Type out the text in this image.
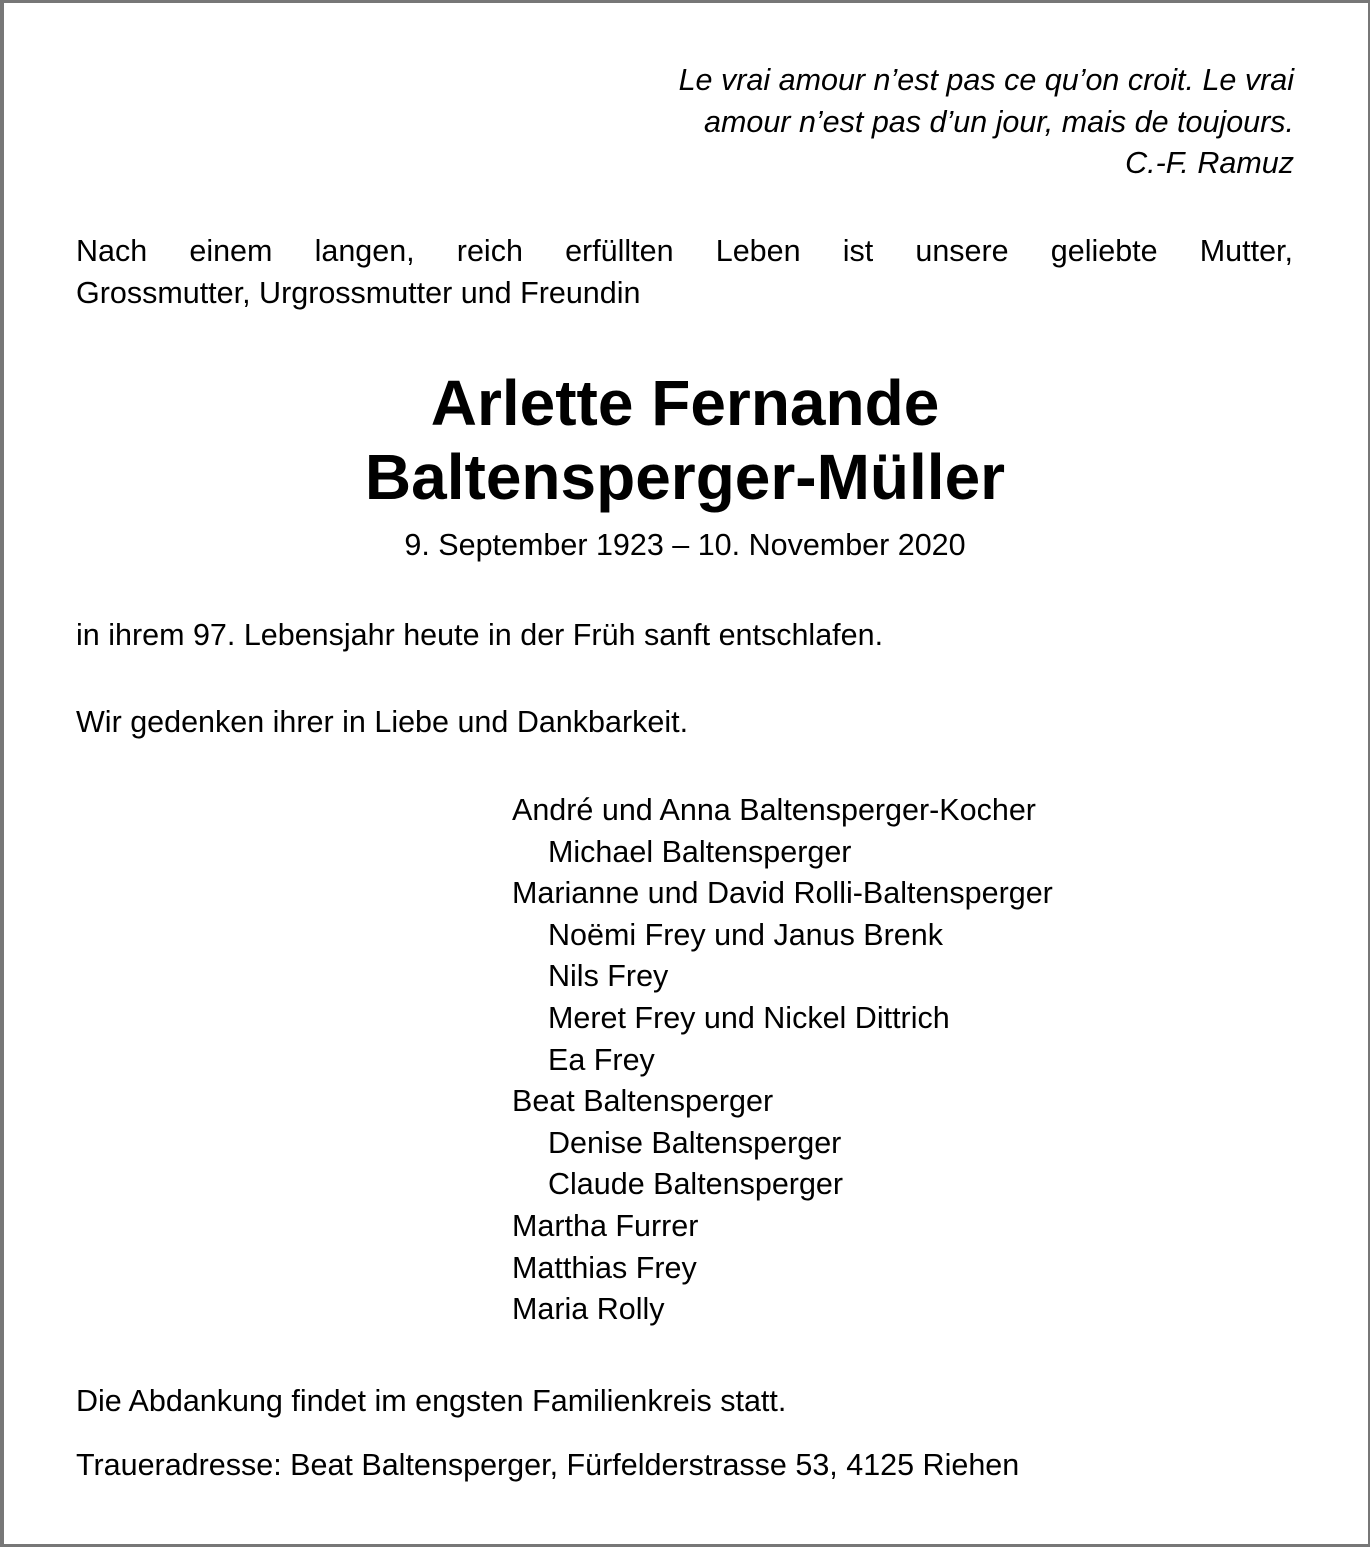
Le vrai amour n’est pas ce qu’on croit. Le vrai
amour n’est pas d’un jour, mais de toujours.
C.-F. Ramuz
Nach einem langen, reich erfüllten Leben ist unsere geliebte Mutter,
Grossmutter, Urgrossmutter und Freundin
Arlette Fernande
Baltensperger-Müller
9. September 1923 – 10. November 2020
in ihrem 97. Lebensjahr heute in der Früh sanft entschlafen.
Wir gedenken ihrer in Liebe und Dankbarkeit.
André und Anna Baltensperger-Kocher
Michael Baltensperger
Marianne und David Rolli-Baltensperger
Noëmi Frey und Janus Brenk
Nils Frey
Meret Frey und Nickel Dittrich
Ea Frey
Beat Baltensperger
Denise Baltensperger
Claude Baltensperger
Martha Furrer
Matthias Frey
Maria Rolly
Die Abdankung findet im engsten Familienkreis statt.
Traueradresse: Beat Baltensperger, Fürfelderstrasse 53, 4125 Riehen
